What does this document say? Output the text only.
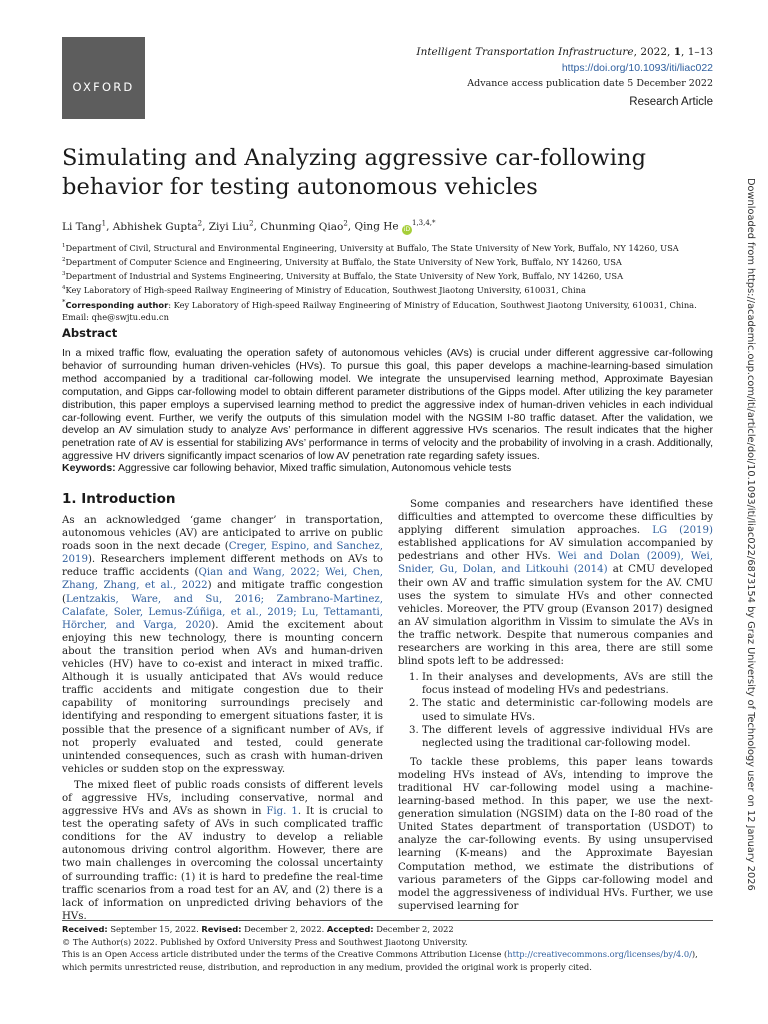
OXFORD
Intelligent Transportation Infrastructure, 2022, 1, 1–13
https://doi.org/10.1093/iti/liac022
Advance access publication date 5 December 2022
Research Article
Simulating and Analyzing aggressive car-following behavior for testing autonomous vehicles
Li Tang$^1$, Abhishek Gupta$^2$, Ziyi Liu$^2$, Chunming Qiao$^2$, Qing He $iD^{1,3,4,*}$
$^1$Department of Civil, Structural and Environmental Engineering, University at Buffalo, The State University of New York, Buffalo, NY 14260, USA
$^2$Department of Computer Science and Engineering, University at Buffalo, the State University of New York, Buffalo, NY 14260, USA
$^3$Department of Industrial and Systems Engineering, University at Buffalo, the State University of New York, Buffalo, NY 14260, USA
$^4$Key Laboratory of High-speed Railway Engineering of Ministry of Education, Southwest Jiaotong University, 610031, China
*Corresponding author: Key Laboratory of High-speed Railway Engineering of Ministry of Education, Southwest Jiaotong University, 610031, China.
Email: qhe@swjtu.edu.cn
Abstract

In a mixed traffic flow, evaluating the operation safety of autonomous vehicles (AVs) is crucial under different aggressive car-following behavior of surrounding human driven-vehicles (HVs). To pursue this goal, this paper develops a machine-learning-based simulation method accompanied by a traditional car-following model. We integrate the unsupervised learning method, Approximate Bayesian computation, and Gipps car-following model to obtain different parameter distributions of the Gipps model. After utilizing the key parameter distribution, this paper employs a supervised learning method to predict the aggressive index of human-driven vehicles in each individual car-following event. Further, we verify the outputs of this simulation model with the NGSIM I-80 traffic dataset. After the validation, we develop an AV simulation study to analyze Avs’ performance in different aggressive HVs scenarios. The result indicates that the higher penetration rate of AV is essential for stabilizing AVs’ performance in terms of velocity and the probability of involving in a crash. Additionally, aggressive HV drivers significantly impact scenarios of low AV penetration rate regarding safety issues.

Keywords: Aggressive car following behavior, Mixed traffic simulation, Autonomous vehicle tests
1. Introduction

As an acknowledged ‘game changer’ in transportation, autonomous vehicles (AV) are anticipated to arrive on public roads soon in the next decade (Creger, Espino, and Sanchez, 2019). Researchers implement different methods on AVs to reduce traffic accidents (Qian and Wang, 2022; Wei, Chen, Zhang, Zhang, et al., 2022) and mitigate traffic congestion (Lentzakis, Ware, and Su, 2016; Zambrano-Martinez, Calafate, Soler, Lemus-Zúñiga, et al., 2019; Lu, Tettamanti, Hörcher, and Varga, 2020). Amid the excitement about enjoying this new technology, there is mounting concern about the transition period when AVs and human-driven vehicles (HV) have to co-exist and interact in mixed traffic. Although it is usually anticipated that AVs would reduce traffic accidents and mitigate congestion due to their capability of monitoring surroundings precisely and identifying and responding to emergent situations faster, it is possible that the presence of a significant number of AVs, if not properly evaluated and tested, could generate unintended consequences, such as crash with human-driven vehicles or sudden stop on the expressway.

The mixed fleet of public roads consists of different levels of aggressive HVs, including conservative, normal and aggressive HVs and AVs as shown in Fig. 1. It is crucial to test the operating safety of AVs in such complicated traffic conditions for the AV industry to develop a reliable autonomous driving control algorithm. However, there are two main challenges in overcoming the colossal uncertainty of surrounding traffic: (1) it is hard to predefine the real-time traffic scenarios from a road test for an AV, and (2) there is a lack of information on unpredicted driving behaviors of the HVs.

Some companies and researchers have identified these difficulties and attempted to overcome these difficulties by applying different simulation approaches. LG (2019) established applications for AV simulation accompanied by pedestrians and other HVs. Wei and Dolan (2009), Wei, Snider, Gu, Dolan, and Litkouhi (2014) at CMU developed their own AV and traffic simulation system for the AV. CMU uses the system to simulate HVs and other connected vehicles. Moreover, the PTV group (Evanson 2017) designed an AV simulation algorithm in Vissim to simulate the AVs in the traffic network. Despite that numerous companies and researchers are working in this area, there are still some blind spots left to be addressed:

1. In their analyses and developments, AVs are still the focus instead of modeling HVs and pedestrians.
2. The static and deterministic car-following models are used to simulate HVs.
3. The different levels of aggressive individual HVs are neglected using the traditional car-following model.

To tackle these problems, this paper leans towards modeling HVs instead of AVs, intending to improve the traditional HV car-following model using a machine-learning-based method. In this paper, we use the next-generation simulation (NGSIM) data on the I-80 road of the United States department of transportation (USDOT) to analyze the car-following events. By using unsupervised learning (K-means) and the Approximate Bayesian Computation method, we estimate the distributions of various parameters of the Gipps car-following model and model the aggressiveness of individual HVs. Further, we use supervised learning for

Received: September 15, 2022. Revised: December 2, 2022. Accepted: December 2, 2022
© The Author(s) 2022. Published by Oxford University Press and Southwest Jiaotong University.
This is an Open Access article distributed under the terms of the Creative Commons Attribution License (http://creativecommons.org/licenses/by/4.0/), which permits unrestricted reuse, distribution, and reproduction in any medium, provided the original work is properly cited.
Downloaded from https://academic.oup.com/iti/article/doi/10.1093/iti/liac022/6873154 by Graz University of Technology user on 12 January 2026
